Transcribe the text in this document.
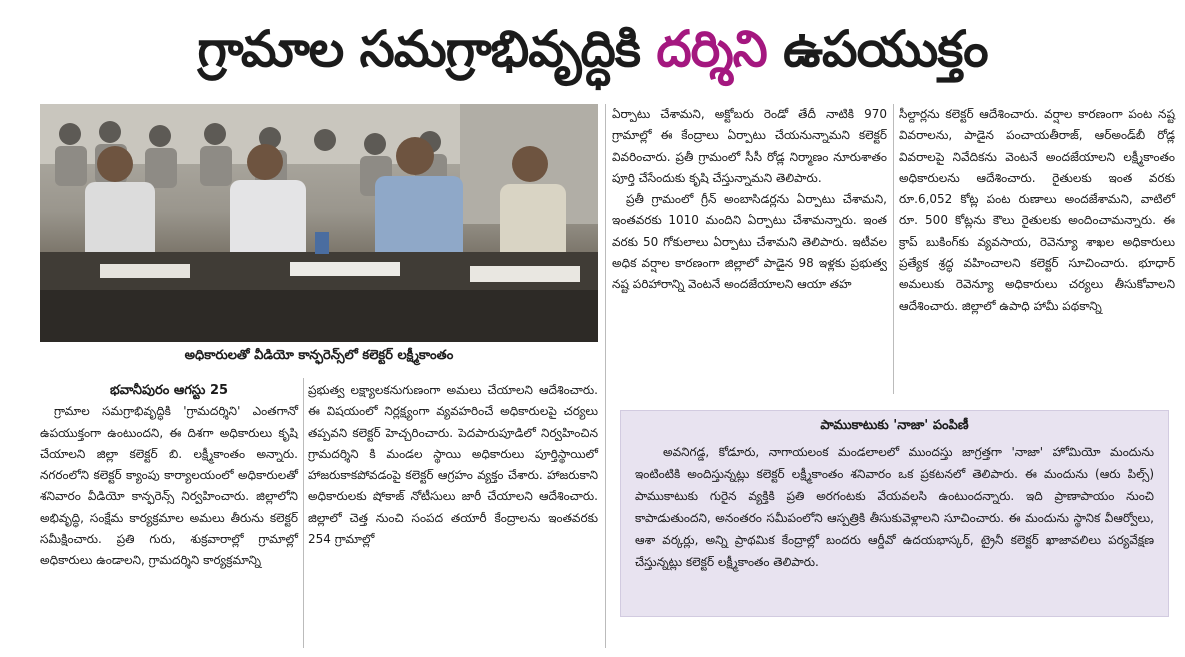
గ్రామాల సమగ్రాభివృద్ధికి దర్శిని ఉపయుక్తం
అధికారులతో వీడియో కాన్ఫరెన్స్‌లో కలెక్టర్ లక్ష్మీకాంతం
భవానీపురం ఆగస్టు 25

గ్రామాల సమగ్రాభివృద్ధికి 'గ్రామదర్శిని' ఎంతగానో ఉపయుక్తంగా ఉంటుందని, ఈ దిశగా అధికారులు కృషి చేయాలని జిల్లా కలెక్టర్ బి. లక్ష్మీకాంతం అన్నారు. నగరంలోని కలెక్టర్ క్యాంపు కార్యాలయంలో అధికారులతో శనివారం వీడియో కాన్ఫరెన్స్ నిర్వహించారు. జిల్లాలోని అభివృద్ధి, సంక్షేమ కార్యక్రమాల అమలు తీరును కలెక్టర్ సమీక్షించారు. ప్రతి గురు, శుక్రవారాల్లో గ్రామాల్లో అధికారులు ఉండాలని, గ్రామదర్శిని కార్యక్రమాన్ని

ప్రభుత్వ లక్ష్యాలకనుగుణంగా అమలు చేయాలని ఆదేశించారు. ఈ విషయంలో నిర్లక్ష్యంగా వ్యవహరించే అధికారులపై చర్యలు తప్పవని కలెక్టర్ హెచ్చరించారు. పెదపారుపూడిలో నిర్వహించిన గ్రామదర్శిని కి మండల స్థాయి అధికారులు పూర్తిస్థాయిలో హాజరుకాకపోవడంపై కలెక్టర్ ఆగ్రహం వ్యక్తం చేశారు. హాజరుకాని అధికారులకు షోకాజ్ నోటీసులు జారీ చేయాలని ఆదేశించారు. జిల్లాలో చెత్త నుంచి సంపద తయారీ కేంద్రాలను ఇంతవరకు 254 గ్రామాల్లో

ఏర్పాటు చేశామని, అక్టోబరు రెండో తేదీ నాటికి 970 గ్రామాల్లో ఈ కేంద్రాలు ఏర్పాటు చేయనున్నామని కలెక్టర్ వివరించారు. ప్రతీ గ్రామంలో సీసీ రోడ్ల నిర్మాణం నూరుశాతం పూర్తి చేసేందుకు కృషి చేస్తున్నామని తెలిపారు.

ప్రతీ గ్రామంలో గ్రీన్ అంబాసిడర్లను ఏర్పాటు చేశామని, ఇంతవరకు 1010 మందిని ఏర్పాటు చేశామన్నారు. ఇంత వరకు 50 గోకులాలు ఏర్పాటు చేశామని తెలిపారు. ఇటీవల అధిక వర్షాల కారణంగా జిల్లాలో పాడైన 98 ఇళ్లకు ప్రభుత్వ నష్ట పరిహారాన్ని వెంటనే అందజేయాలని ఆయా తహ

సీల్దార్లను కలెక్టర్ ఆదేశించారు. వర్షాల కారణంగా పంట నష్ట వివరాలను, పాడైన పంచాయతీరాజ్, ఆర్అండ్‌బీ రోడ్ల వివరాలపై నివేదికను వెంటనే అందజేయాలని లక్ష్మీకాంతం అధికారులను ఆదేశించారు. రైతులకు ఇంత వరకు రూ.6,052 కోట్ల పంట రుణాలు అందజేశామని, వాటిలో రూ. 500 కోట్లను కౌలు రైతులకు అందించామన్నారు. ఈ క్రాప్ బుకింగ్‌కు వ్యవసాయ, రెవెన్యూ శాఖల అధికారులు ప్రత్యేక శ్రద్ధ వహించాలని కలెక్టర్ సూచించారు. భూధార్ అమలుకు రెవెన్యూ అధికారులు చర్యలు తీసుకోవాలని ఆదేశించారు. జిల్లాలో ఉపాధి హామీ పథకాన్ని

పాముకాటుకు 'నాజా' పంపిణీ
అవనిగడ్డ, కోడూరు, నాగాయలంక మండలాలలో ముందస్తు జాగ్రత్తగా 'నాజా' హోమియో మందును ఇంటింటికి అందిస్తున్నట్లు కలెక్టర్ లక్ష్మీకాంతం శనివారం ఒక ప్రకటనలో తెలిపారు. ఈ మందును (ఆరు పిల్స్) పాముకాటుకు గురైన వ్యక్తికి ప్రతి అరగంటకు వేయవలసి ఉంటుందన్నారు. ఇది ప్రాణాపాయం నుంచి కాపాడుతుందని, అనంతరం సమీపంలోని ఆస్పత్రికి తీసుకువెళ్లాలని సూచించారు. ఈ మందును స్థానిక వీఆర్వోలు, ఆశా వర్కర్లు, అన్ని ప్రాథమిక కేంద్రాల్లో బందరు ఆర్డీవో ఉదయభాస్కర్, ట్రైనీ కలెక్టర్ ఖాజావలిలు పర్యవేక్షణ చేస్తున్నట్లు కలెక్టర్ లక్ష్మీకాంతం తెలిపారు.
